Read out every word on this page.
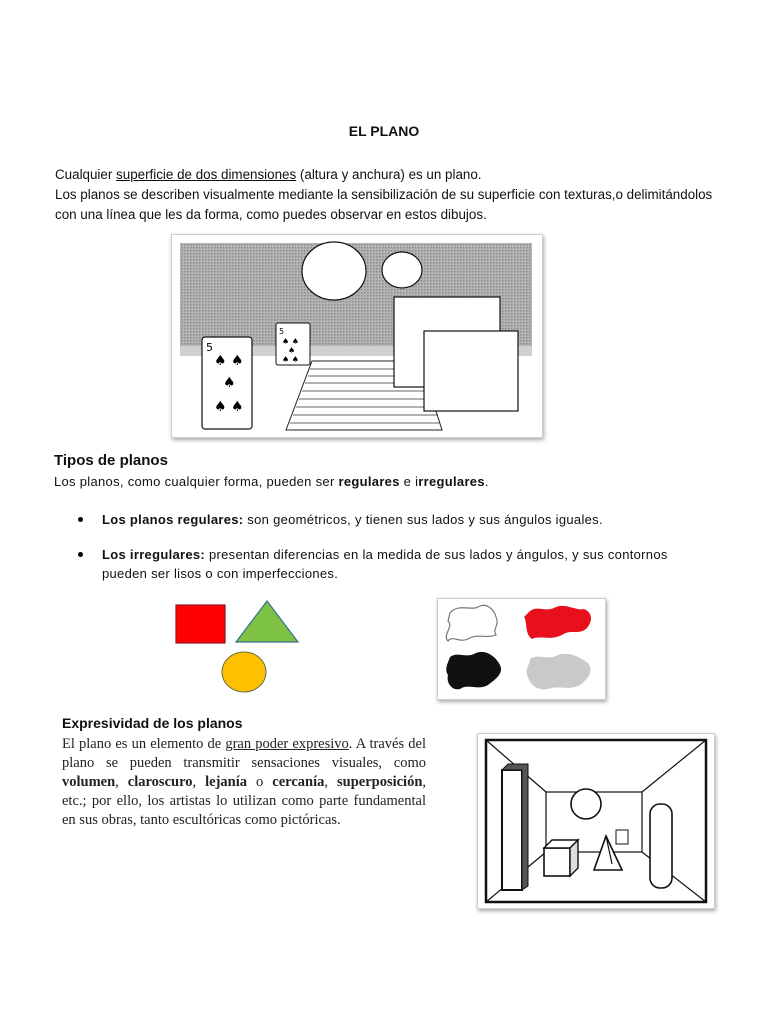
EL PLANO
Cualquier superficie de dos dimensiones (altura y anchura) es un plano.
Los planos se describen visualmente mediante la sensibilización de su superficie con texturas,o delimitándolos con una línea que les da forma, como puedes observar en estos dibujos.
5
♠ ♠
♠
♠ ♠
5
♠ ♠
♠
♠ ♠
Tipos de planos
Los planos, como cualquier forma, pueden ser regulares e irregulares.
Los planos regulares: son geométricos, y tienen sus lados y sus ángulos iguales.
Los irregulares: presentan diferencias en la medida de sus lados y ángulos, y sus contornos pueden ser lisos o con imperfecciones.
Expresividad de los planos
El plano es un elemento de gran poder expresivo. A través del plano se pueden transmitir sensaciones visuales, como volumen, claroscuro, lejanía o cercanía, superposición, etc.; por ello, los artistas lo utilizan como parte fundamental en sus obras, tanto escultóricas como pictóricas.
